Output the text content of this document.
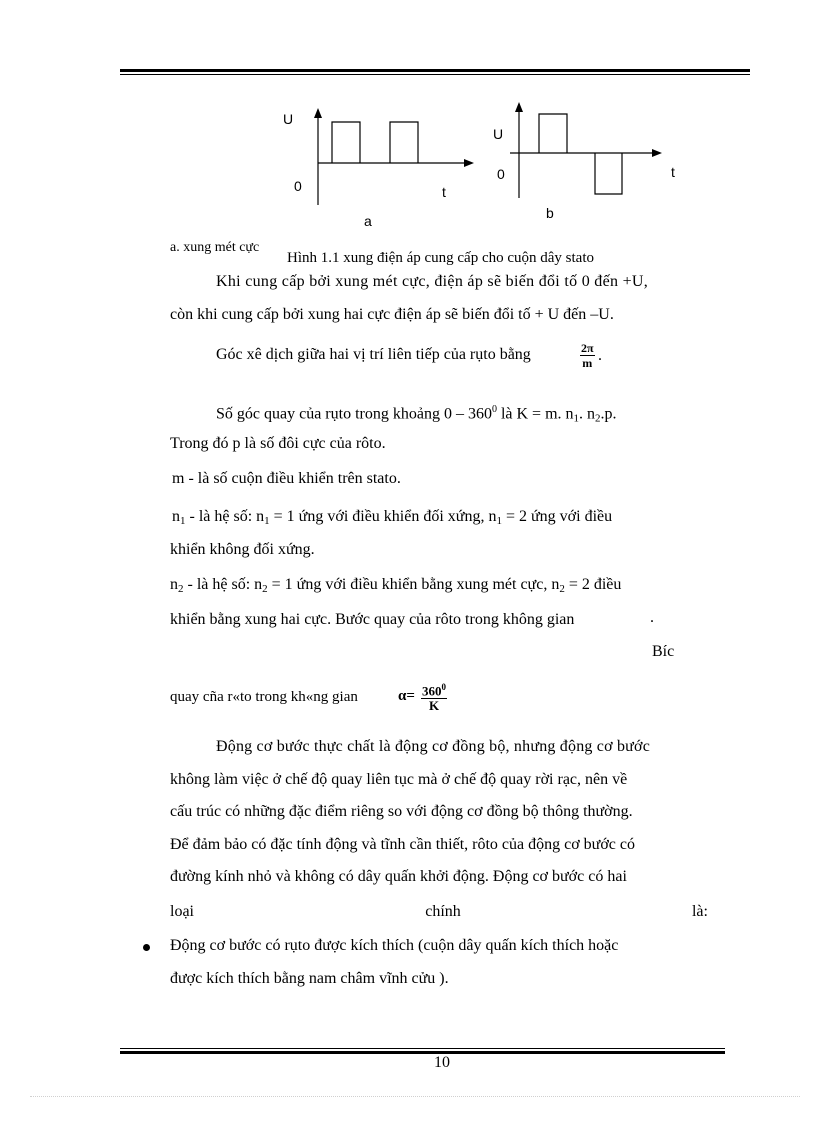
U
0	t
a
U
0	t
b
a. xung mét cực
Hình 1.1 xung điện áp cung cấp cho cuộn dây stato
Khi cung cấp bởi xung mét cực, điện áp sẽ biến đổi tố 0 đến +U,
còn khi cung cấp bởi xung hai cực điện áp sẽ biến đổi tố + U đến –U.
Góc xê dịch giữa hai vị trí liên tiếp của rụto bằng	$\frac{2\pi}{m}$ .
Số góc quay của rụto trong khoảng $0 - 360^0$ là K = m. $n_1$. $n_2.p$.
Trong đó p là số đôi cực của rôto.
m - là số cuộn điều khiển trên stato.
$n_1$ - là hệ số: $n_1 = 1$ ứng với điều khiển đối xứng, $n_1 = 2$ ứng với điều
khiển không đối xứng.
$n_2$ - là hệ số: $n_2 = 1$ ứng với điều khiển bằng xung mét cực, $n_2 = 2$ điều
khiển bằng xung hai cực. Bước quay của rôto trong không gian	.
Bíc
quay cña r«to trong kh«ng gian	$\alpha= \frac{360^0}{K}$
Động cơ bước thực chất là động cơ đồng bộ, nhưng động cơ bước
không làm việc ở chế độ quay liên tục mà ở chế độ quay rời rạc, nên về
cấu trúc có những đặc điểm riêng so với động cơ đồng bộ thông thường.
Để đảm bảo có đặc tính động và tĩnh cần thiết, rôto của động cơ bước có
đường kính nhỏ và không có dây quấn khởi động. Động cơ bước có hai
loại	chính	là:
Động cơ bước có rụto được kích thích (cuộn dây quấn kích thích hoặc
được kích thích bằng nam châm vĩnh cửu ).
10
